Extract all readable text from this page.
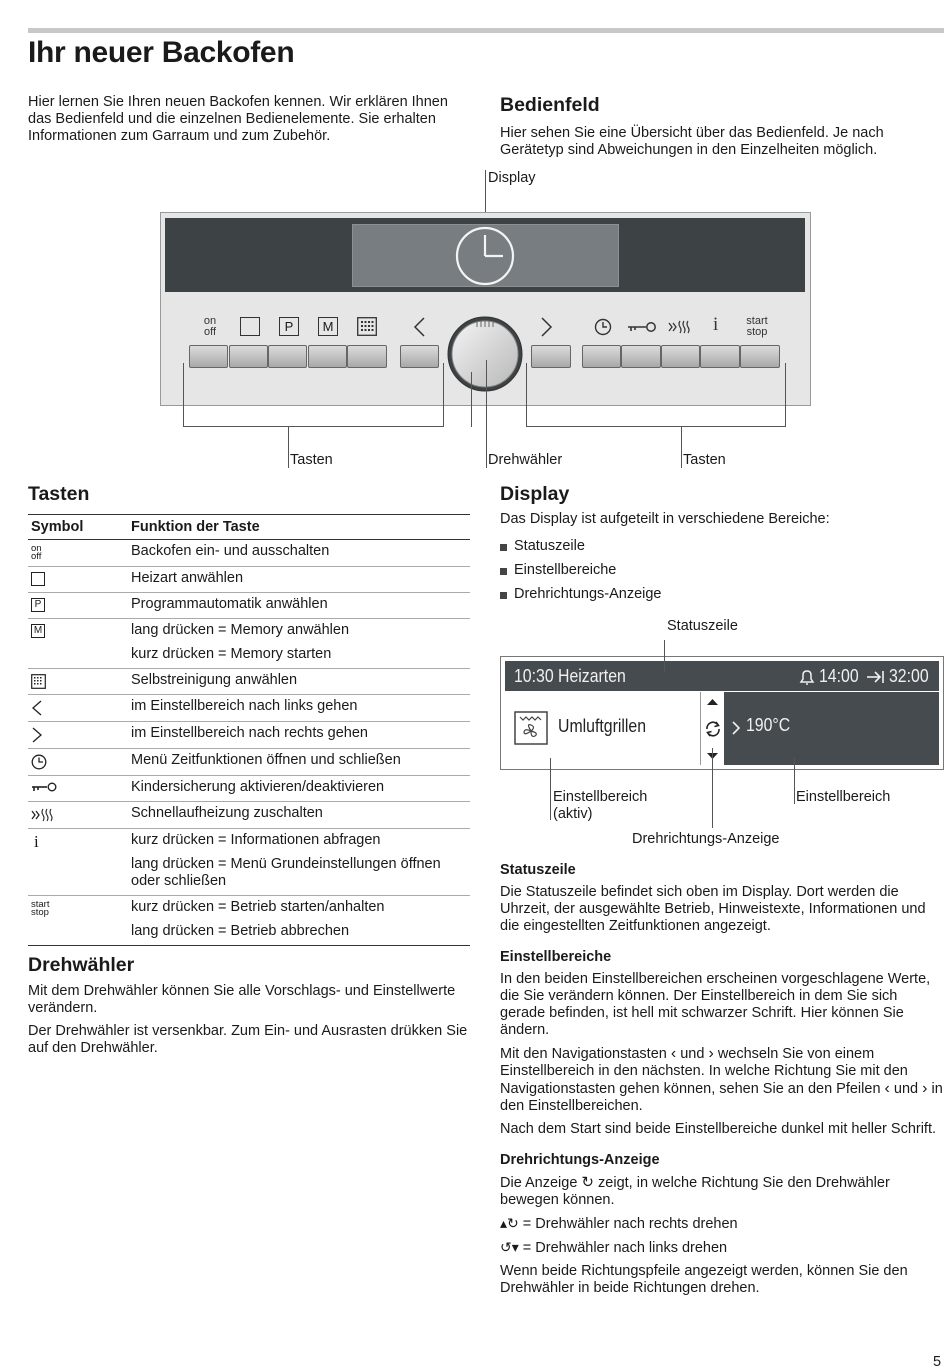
Ihr neuer Backofen
Hier lernen Sie Ihren neuen Backofen kennen. Wir erklären Ihnen das Bedienfeld und die einzelnen Bedienelemente. Sie erhalten Informationen zum Garraum und zum Zubehör.
Bedienfeld
Hier sehen Sie eine Übersicht über das Bedienfeld. Je nach Gerätetyp sind Abweichungen in den Einzelheiten möglich.
Display
on
off	P	M	i	start
stop
Tasten	Drehwähler	Tasten
Tasten
Symbol	Funktion der Taste
on
off	Backofen ein- und ausschalten
Heizart anwählen
P	Programmautomatik anwählen
M	lang drücken = Memory anwählen
kurz drücken = Memory starten
Selbstreinigung anwählen
im Einstellbereich nach links gehen
im Einstellbereich nach rechts gehen
Menü Zeitfunktionen öffnen und schließen
Kindersicherung aktivieren/deaktivieren
Schnellaufheizung zuschalten
i	kurz drücken = Informationen abfragen
lang drücken = Menü Grundeinstellungen öffnen oder schließen
start
stop	kurz drücken = Betrieb starten/anhalten
lang drücken = Betrieb abbrechen
Drehwähler

Mit dem Drehwähler können Sie alle Vorschlags- und Einstellwerte verändern.

Der Drehwähler ist versenkbar. Zum Ein- und Ausrasten drükken Sie auf den Drehwähler.

Display
Das Display ist aufgeteilt in verschiedene Bereiche:
Statuszeile
Einstellbereiche
Drehrichtungs-Anzeige
Statuszeile
10:30 Heizarten	14:00 32:00
Umluftgrillen	190°C
Einstellbereich
(aktiv)
Einstellbereich
Drehrichtungs-Anzeige
Statuszeile

Die Statuszeile befindet sich oben im Display. Dort werden die Uhrzeit, der ausgewählte Betrieb, Hinweistexte, Informationen und die eingestellten Zeitfunktionen angezeigt.

Einstellbereiche

In den beiden Einstellbereichen erscheinen vorgeschlagene Werte, die Sie verändern können. Der Einstellbereich in dem Sie sich gerade befinden, ist hell mit schwarzer Schrift. Hier können Sie ändern.

Mit den Navigationstasten ‹ und › wechseln Sie von einem Einstellbereich in den nächsten. In welche Richtung Sie mit den Navigationstasten gehen können, sehen Sie an den Pfeilen ‹ und › in den Einstellbereichen.

Nach dem Start sind beide Einstellbereiche dunkel mit heller Schrift.

Drehrichtungs-Anzeige

Die Anzeige ↻ zeigt, in welche Richtung Sie den Drehwähler bewegen können.

▴↻ = Drehwähler nach rechts drehen

↺▾ = Drehwähler nach links drehen

Wenn beide Richtungspfeile angezeigt werden, können Sie den Drehwähler in beide Richtungen drehen.

5
